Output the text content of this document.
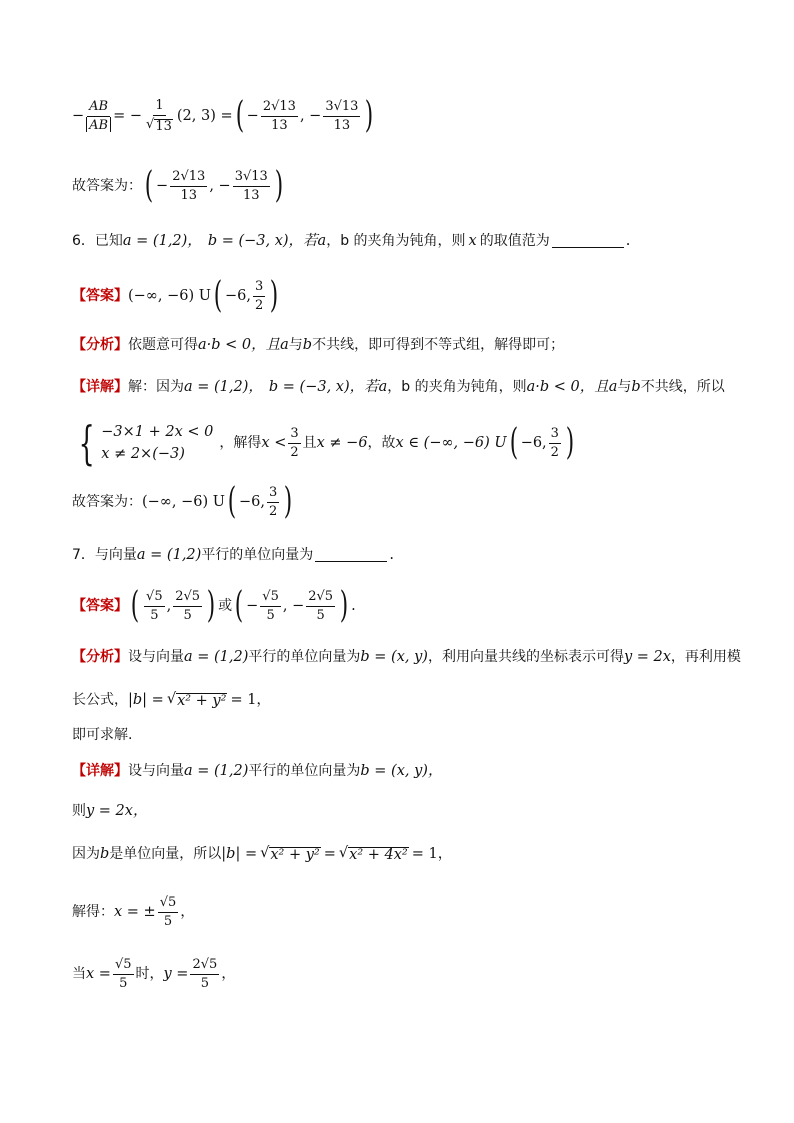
− $\frac{AB}{AB}$ = − $\frac{1}{√ 13} (2$, 3) = ( − $\frac{2√13}{13}$ , − $\frac{3√13}{13}$ )
故答案为： ( − $\frac{2√13}{13}$ , − $\frac{3√13}{13}$ )
6．已知 a = (1,2)， b = (−3, x)，若 a ，b 的夹角为钝角，则 x 的取值范为	.
【答案】 (−∞, −6) U ( −6, $\frac{3}{2}$ )
【分析】 依题意可得 a·b < 0，且 a 与 b 不共线，即可得到不等式组，解得即可；
【详解】 解：因为 a = (1,2)， b = (−3, x)，若 a ，b 的夹角为钝角，则 a·b < 0，且 a 与 b 不共线，所以
{ −3×1 + 2x < 0
x ≠ 2×(−3)
，解得 $x < \frac{3}{2}$ 且 x ≠ −6 ，故 x ∈ (−∞, −6) U ( −6, $\frac{3}{2}$ )
故答案为： (−∞, −6) U ( −6, $\frac{3}{2}$ )
7．与向量 a = (1,2) 平行的单位向量为	.
【答案】 ( $\frac{√5}{5}$ , $\frac{2√5}{5}$ ) 或 ( − $\frac{√5}{5}$ , − $\frac{2√5}{5}$ ) .
【分析】 设与向量 a = (1,2) 平行的单位向量为 b = (x, y) ，利用向量共线的坐标表示可得 y = 2x ，再利用模
长公式， |b| = √ x² + y² = 1，
即可求解.
【详解】 设与向量 a = (1,2) 平行的单位向量为 b = (x, y)，
则 y = 2x，
因为 b 是单位向量，所以 |b| = √ x² + y² = √ x² + 4x² = 1，
解得： x = ± $\frac{√5}{5}$ ，
当 $x = \frac{√5}{5}$ 时， $y = \frac{2√5}{5}$ ，
